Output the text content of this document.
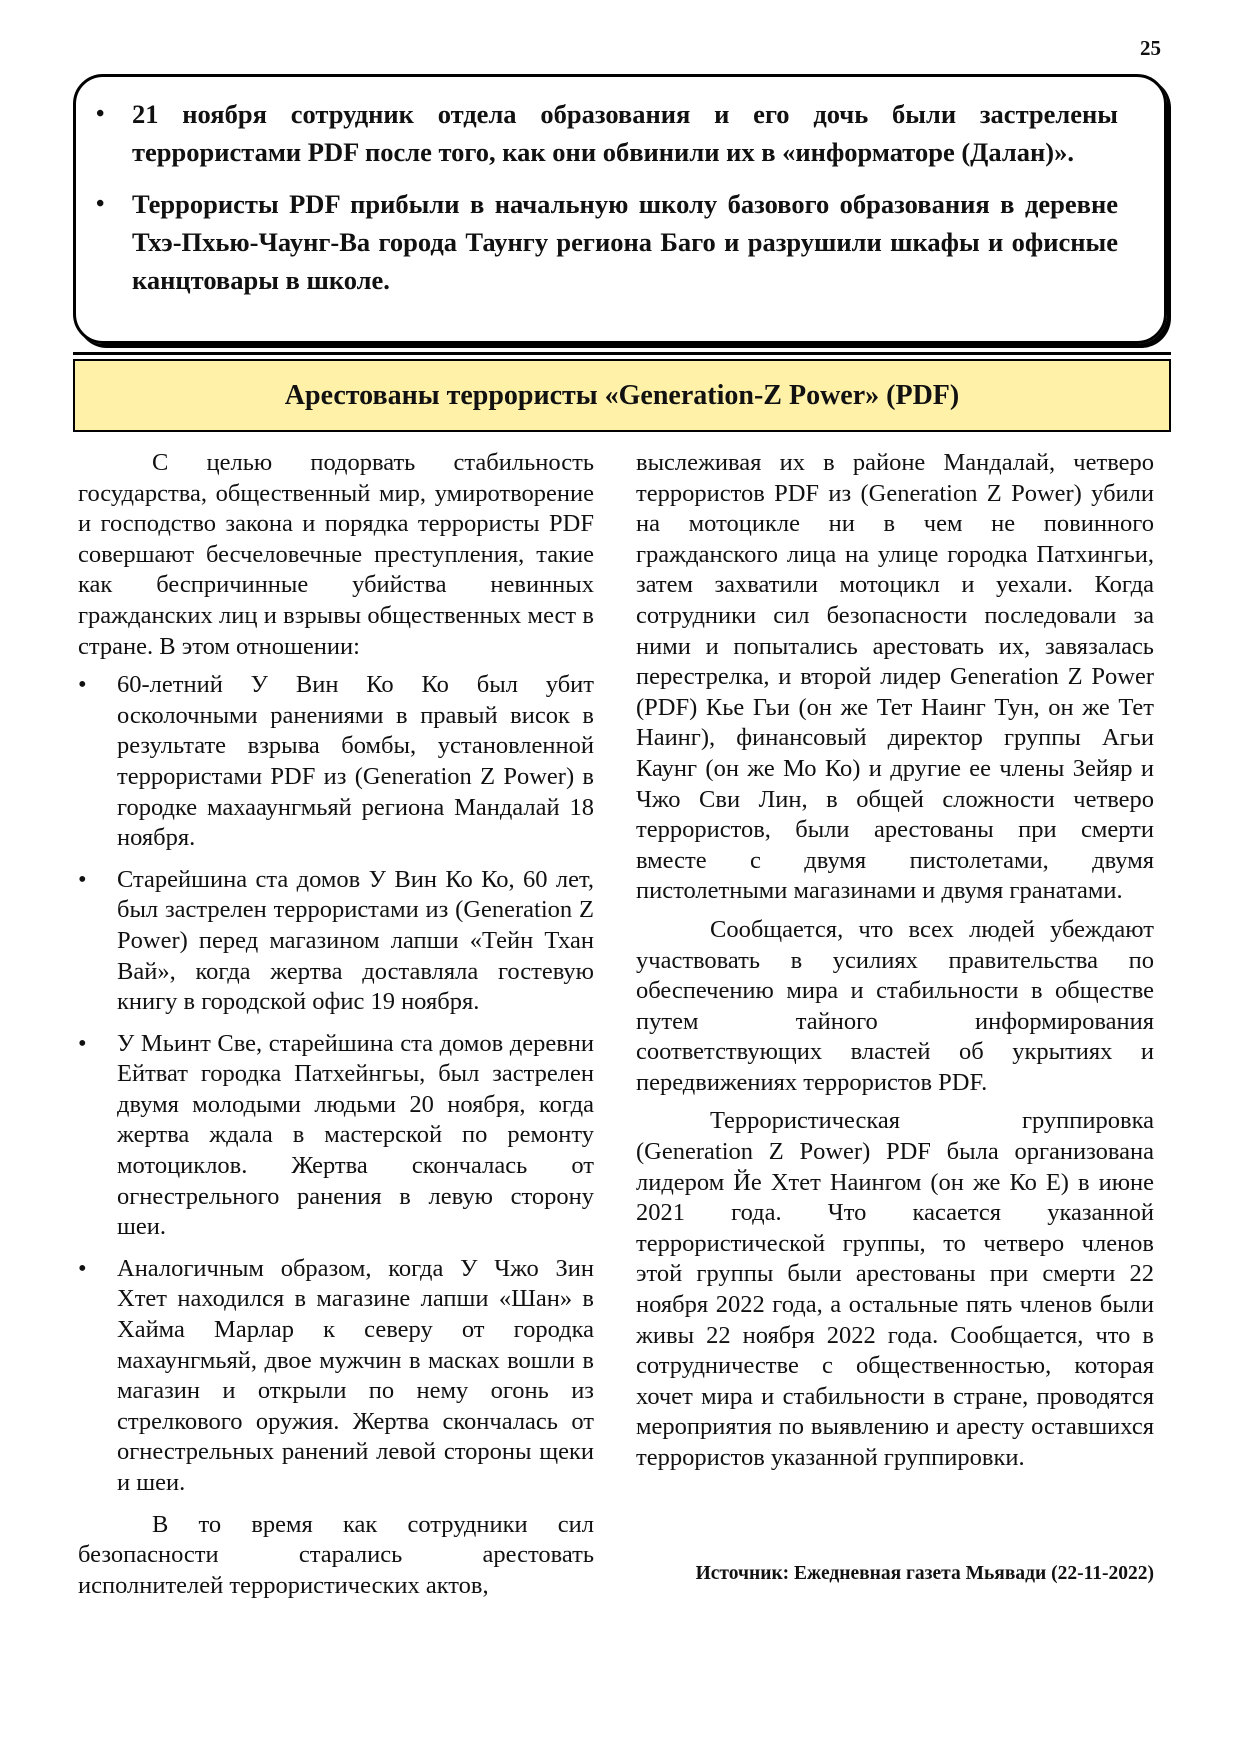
25
• 21 ноября сотрудник отдела образования и его дочь были застрелены террористами PDF после того, как они обвинили их в «информаторе (Далан)».
• Террористы PDF прибыли в начальную школу базового образования в деревне Тхэ-Пхью-Чаунг-Ва города Таунгу региона Баго и разрушили шкафы и офисные канцтовары в школе.
Арестованы террористы «Generation-Z Power» (PDF)

С целью подорвать стабильность государства, общественный мир, умиротворение и господство закона и порядка террористы PDF совершают бесчеловечные преступления, такие как беспричинные убийства невинных гражданских лиц и взрывы общественных мест в стране. В этом отношении:

• 60-летний У Вин Ко Ко был убит осколочными ранениями в правый висок в результате взрыва бомбы, установленной террористами PDF из (Generation Z Power) в городке махааунгмьяй региона Мандалай 18 ноября.
• Старейшина ста домов У Вин Ко Ко, 60 лет, был застрелен террористами из (Generation Z Power) перед магазином лапши «Тейн Тхан Вай», когда жертва доставляла гостевую книгу в городской офис 19 ноября.
• У Мьинт Све, старейшина ста домов деревни Ейтват городка Патхейнгьы, был застрелен двумя молодыми людьми 20 ноября, когда жертва ждала в мастерской по ремонту мотоциклов. Жертва скончалась от огнестрельного ранения в левую сторону шеи.
• Аналогичным образом, когда У Чжо Зин Хтет находился в магазине лапши «Шан» в Хайма Марлар к северу от городка махаунгмьяй, двое мужчин в масках вошли в магазин и открыли по нему огонь из стрелкового оружия. Жертва скончалась от огнестрельных ранений левой стороны щеки и шеи.

В то время как сотрудники сил безопасности старались арестовать исполнителей террористических актов,

выслеживая их в районе Мандалай, четверо террористов PDF из (Generation Z Power) убили на мотоцикле ни в чем не повинного гражданского лица на улице городка Патхингьи, затем захватили мотоцикл и уехали. Когда сотрудники сил безопасности последовали за ними и попытались арестовать их, завязалась перестрелка, и второй лидер Generation Z Power (PDF) Кье Гьи (он же Тет Наинг Тун, он же Тет Наинг), финансовый директор группы Агьи Каунг (он же Мо Ко) и другие ее члены Зейяр и Чжо Сви Лин, в общей сложности четверо террористов, были арестованы при смерти вместе с двумя пистолетами, двумя пистолетными магазинами и двумя гранатами.

Сообщается, что всех людей убеждают участвовать в усилиях правительства по обеспечению мира и стабильности в обществе путем тайного информирования соответствующих властей об укрытиях и передвижениях террористов PDF.

Террористическая группировка (Generation Z Power) PDF была организована лидером Йе Хтет Наингом (он же Ко Е) в июне 2021 года. Что касается указанной террористической группы, то четверо членов этой группы были арестованы при смерти 22 ноября 2022 года, а остальные пять членов были живы 22 ноября 2022 года. Сообщается, что в сотрудничестве с общественностью, которая хочет мира и стабильности в стране, проводятся мероприятия по выявлению и аресту оставшихся террористов указанной группировки.

Источник: Ежедневная газета Мьявади (22-11-2022)
